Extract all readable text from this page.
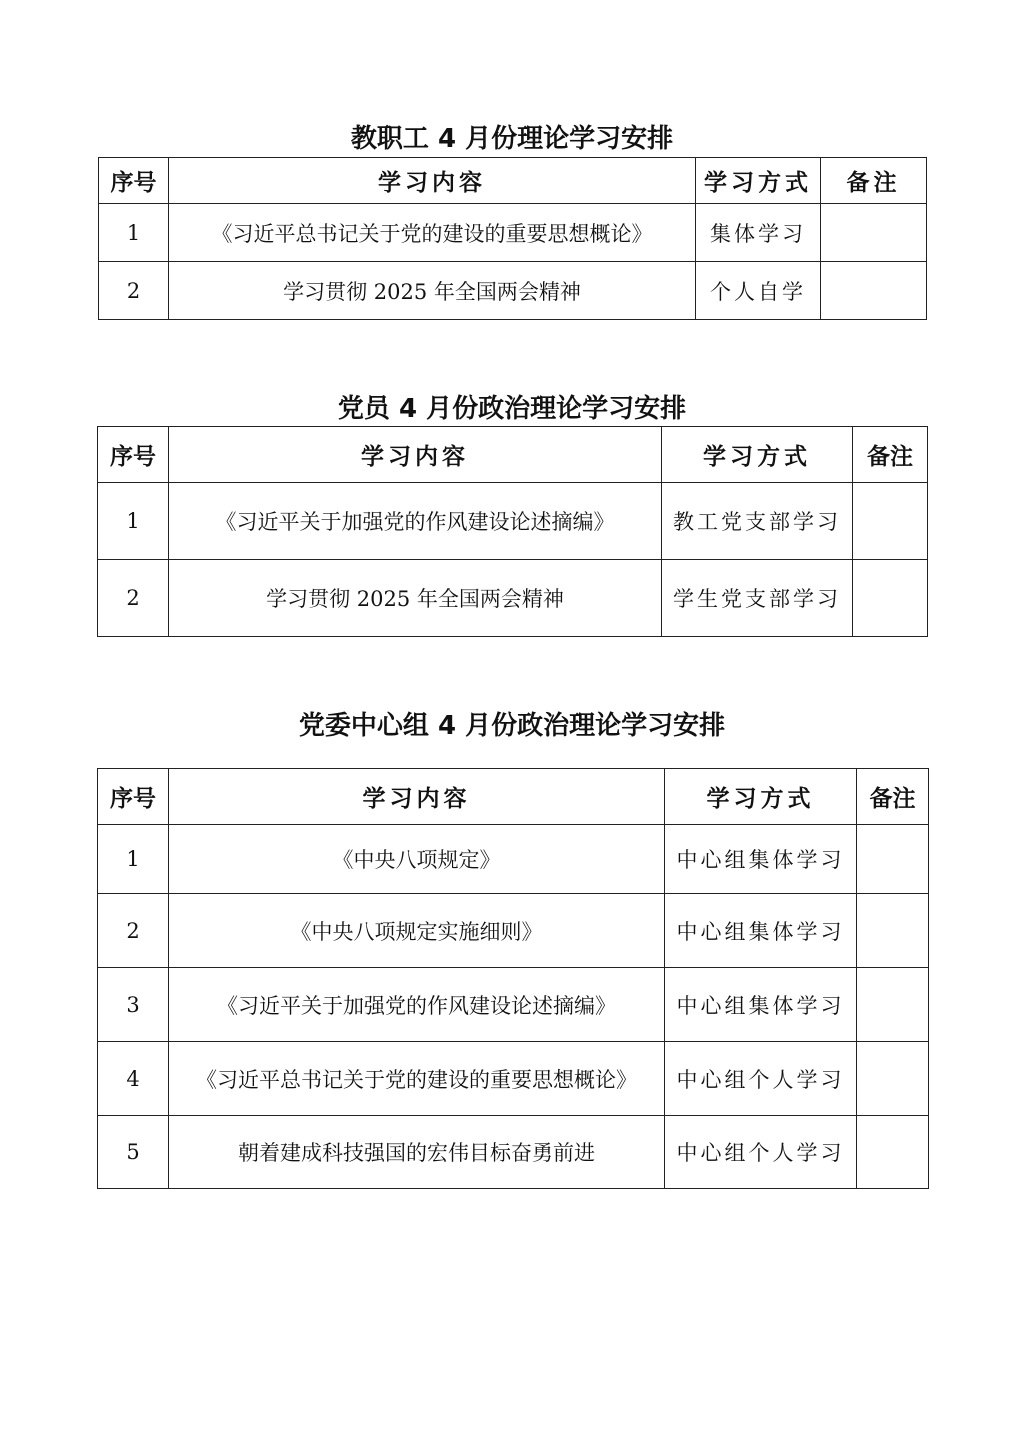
教职工 4 月份理论学习安排
序号	学习内容	学习方式	备注
1	《习近平总书记关于党的建设的重要思想概论》	集体学习	
2	学习贯彻 2025 年全国两会精神	个人自学	
党员 4 月份政治理论学习安排
序号	学习内容	学习方式	备注
1	《习近平关于加强党的作风建设论述摘编》	教工党支部学习	
2	学习贯彻 2025 年全国两会精神	学生党支部学习	
党委中心组 4 月份政治理论学习安排
序号	学习内容	学习方式	备注
1	《中央八项规定》	中心组集体学习	
2	《中央八项规定实施细则》	中心组集体学习	
3	《习近平关于加强党的作风建设论述摘编》	中心组集体学习	
4	《习近平总书记关于党的建设的重要思想概论》	中心组个人学习	
5	朝着建成科技强国的宏伟目标奋勇前进	中心组个人学习	
